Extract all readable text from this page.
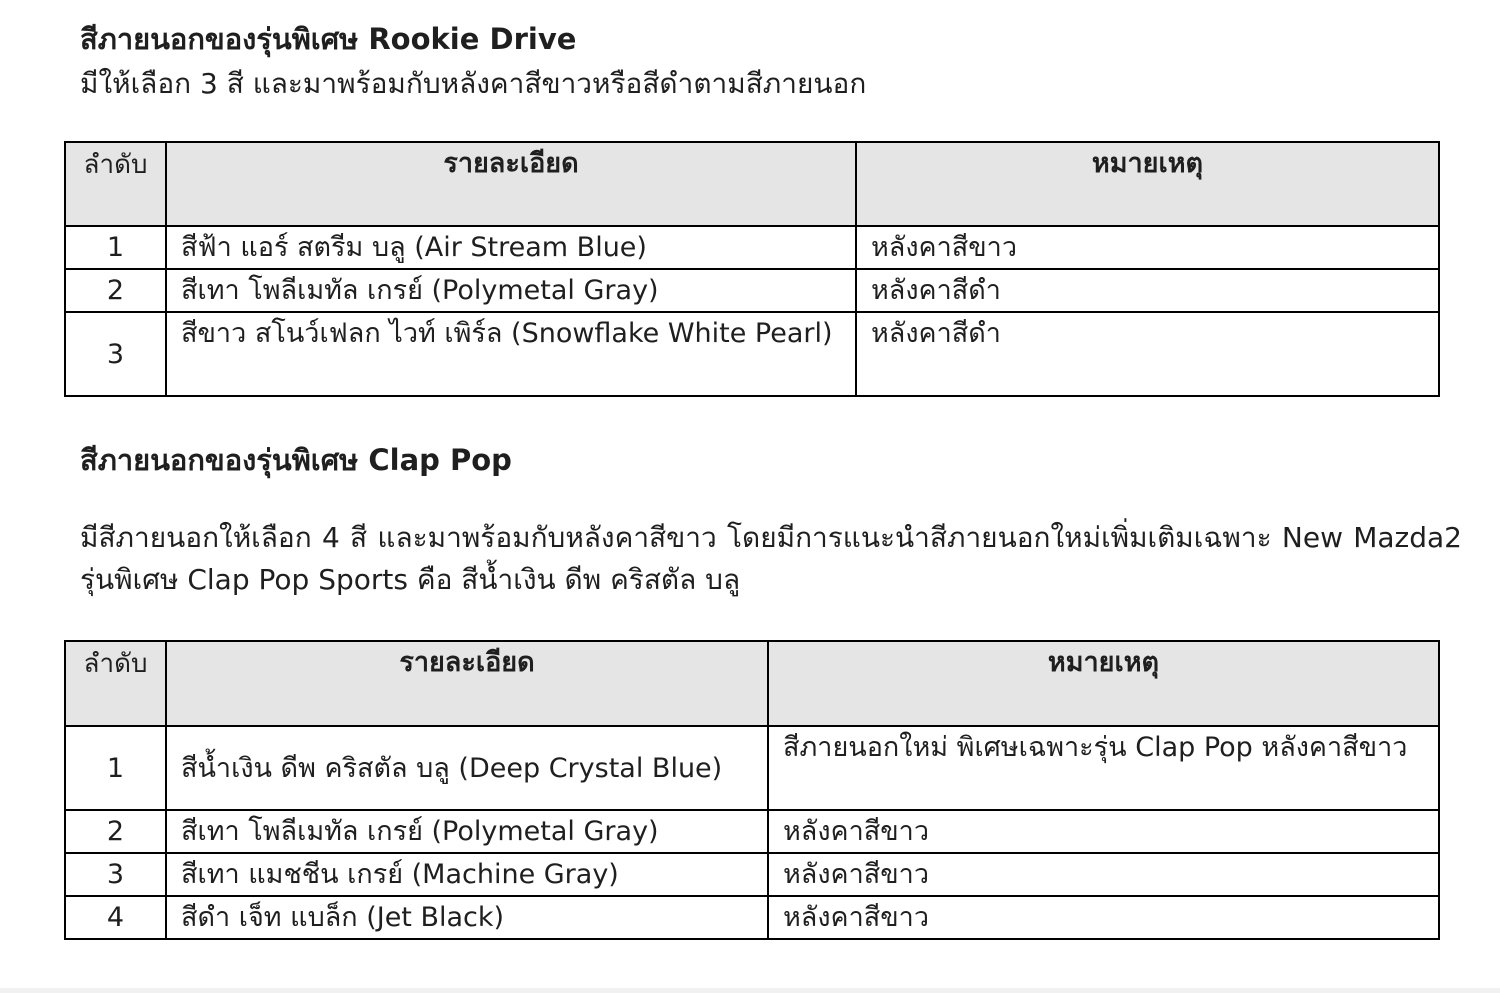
สีภายนอกของรุ่นพิเศษ Rookie Drive

มีให้เลือก 3 สี และมาพร้อมกับหลังคาสีขาวหรือสีดำตามสีภายนอก

ลำดับ	รายละเอียด	หมายเหตุ
1	สีฟ้า แอร์ สตรีม บลู (Air Stream Blue)	หลังคาสีขาว
2	สีเทา โพลีเมทัล เกรย์ (Polymetal Gray)	หลังคาสีดำ
3	สีขาว สโนว์เฟลก ไวท์ เพิร์ล (Snowflake White Pearl)	หลังคาสีดำ
สีภายนอกของรุ่นพิเศษ Clap Pop

มีสีภายนอกให้เลือก 4 สี และมาพร้อมกับหลังคาสีขาว โดยมีการแนะนำสีภายนอกใหม่เพิ่มเติมเฉพาะ New Mazda2 รุ่นพิเศษ Clap Pop Sports คือ สีน้ำเงิน ดีพ คริสตัล บลู

ลำดับ	รายละเอียด	หมายเหตุ
1	สีน้ำเงิน ดีพ คริสตัล บลู (Deep Crystal Blue)	สีภายนอกใหม่ พิเศษเฉพาะรุ่น Clap Pop หลังคาสีขาว
2	สีเทา โพลีเมทัล เกรย์ (Polymetal Gray)	หลังคาสีขาว
3	สีเทา แมชชีน เกรย์ (Machine Gray)	หลังคาสีขาว
4	สีดำ เจ็ท แบล็ก (Jet Black)	หลังคาสีขาว
